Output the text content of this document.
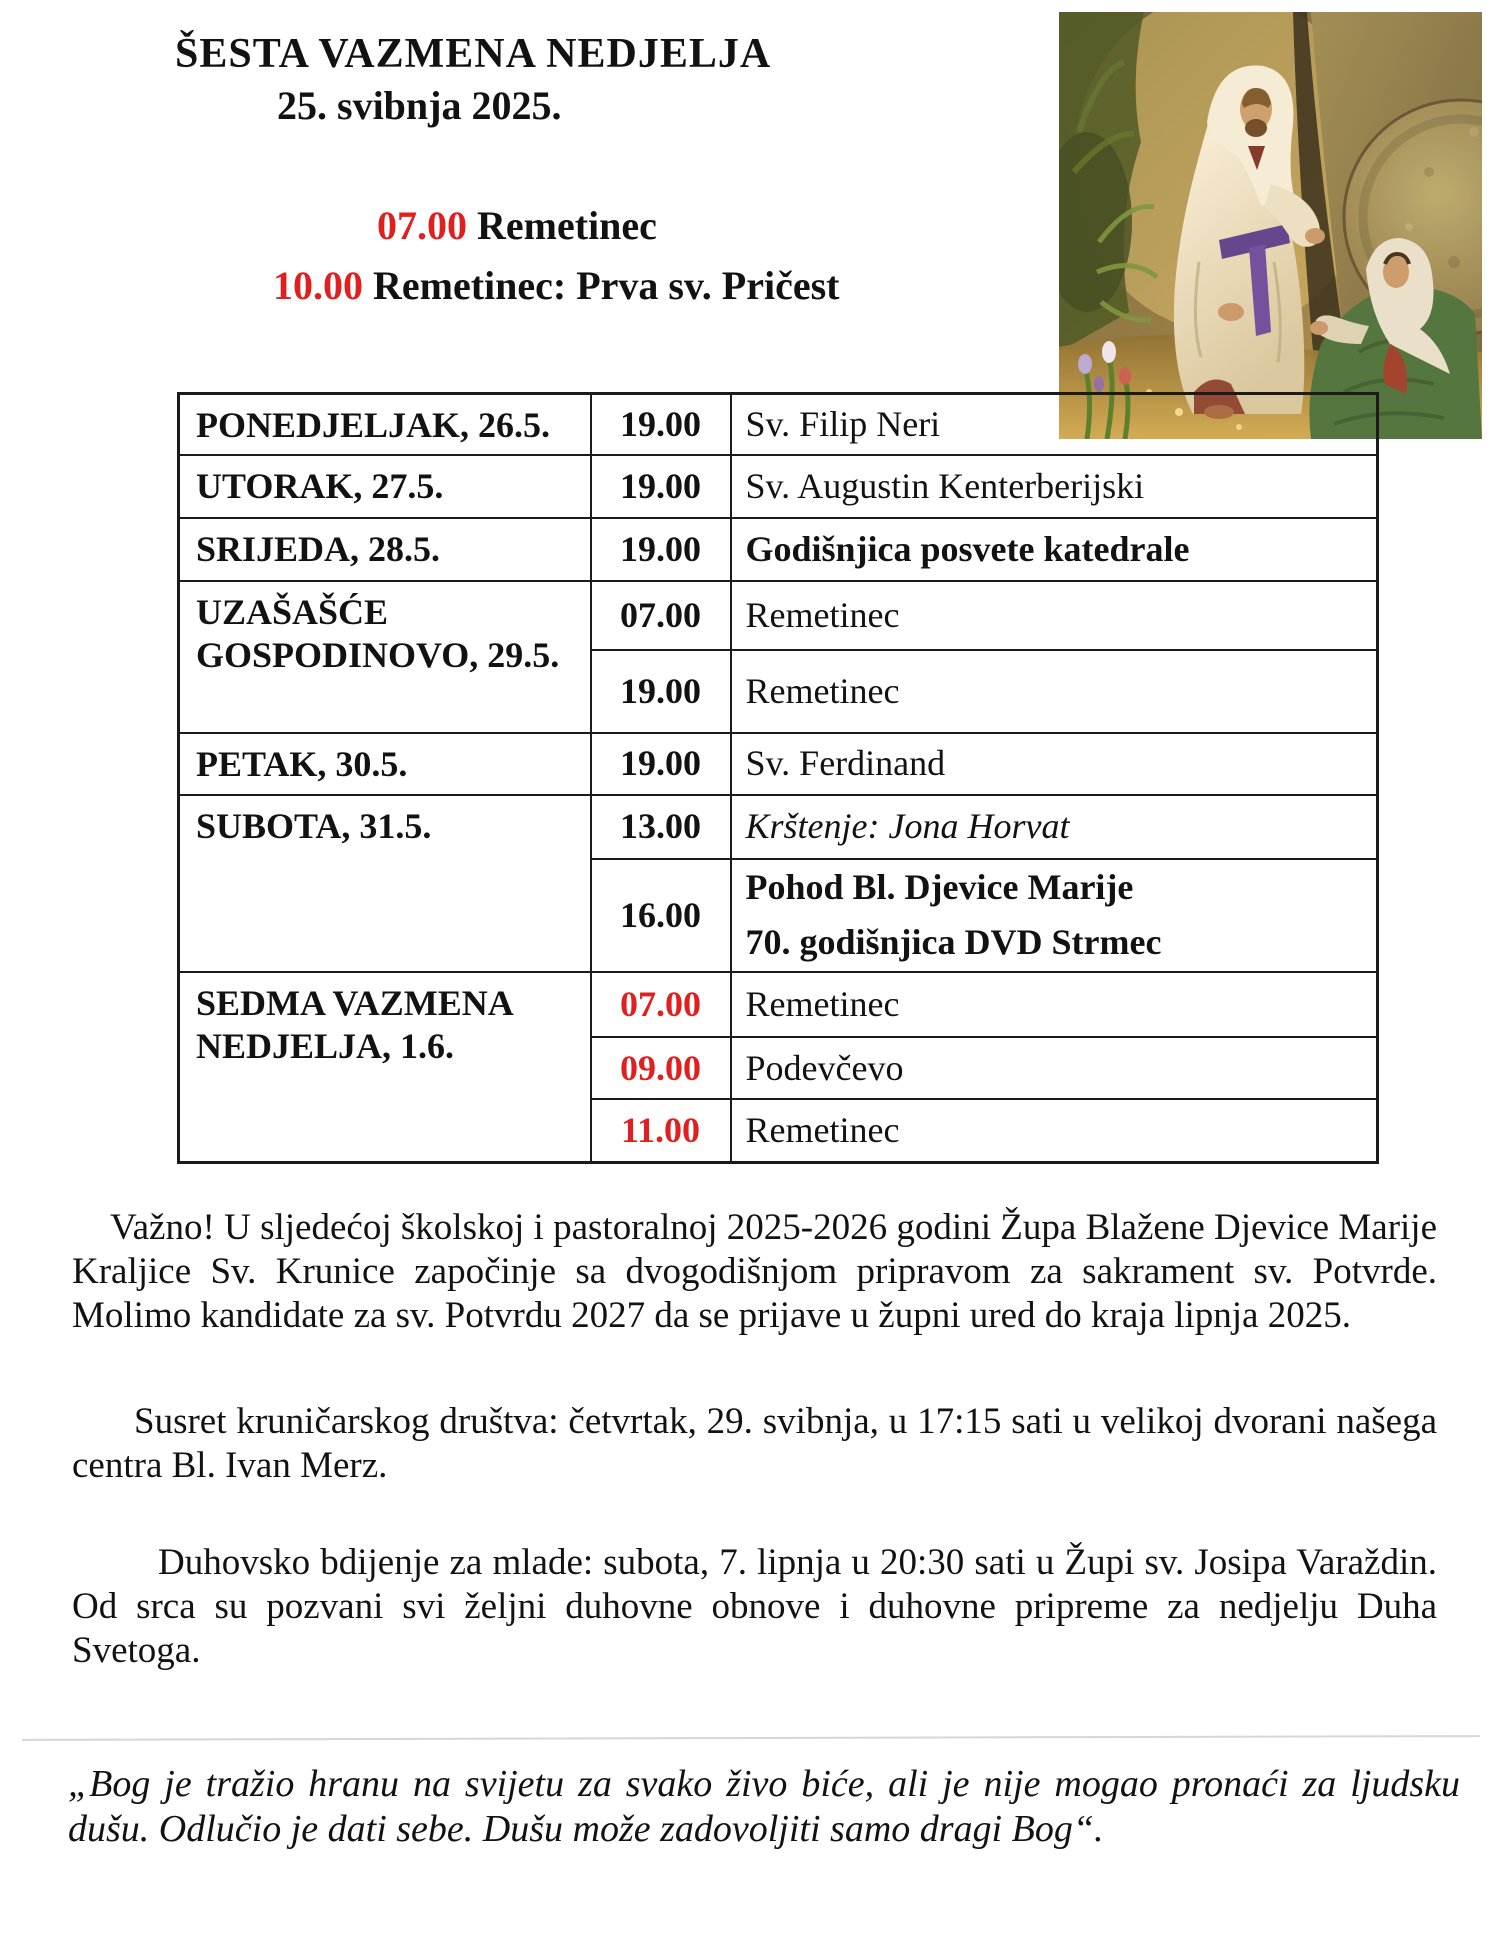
ŠESTA VAZMENA NEDJELJA
25. svibnja 2025.
07.00 Remetinec
10.00 Remetinec: Prva sv. Pričest
PONEDJELJAK, 26.5.	19.00	Sv. Filip Neri
UTORAK, 27.5.	19.00	Sv. Augustin Kenterberijski
SRIJEDA, 28.5.	19.00	Godišnjica posvete katedrale
UZAŠAŠĆE GOSPODINOVO, 29.5.	07.00	Remetinec
	19.00	Remetinec
PETAK, 30.5.	19.00	Sv. Ferdinand
SUBOTA, 31.5.	13.00	Krštenje: Jona Horvat
	16.00	Pohod Bl. Djevice Marije
70. godišnjica DVD Strmec

SEDMA VAZMENA NEDJELJA, 1.6.	07.00	Remetinec
	09.00	Podevčevo
	11.00	Remetinec
Važno! U sljedećoj školskoj i pastoralnoj 2025-2026 godini Župa Blažene Djevice Marije Kraljice Sv. Krunice započinje sa dvogodišnjom pripravom za sakrament sv. Potvrde. Molimo kandidate za sv. Potvrdu 2027 da se prijave u župni ured do kraja lipnja 2025.
Susret kruničarskog društva: četvrtak, 29. svibnja, u 17:15 sati u velikoj dvorani našega centra Bl. Ivan Merz.
Duhovsko bdijenje za mlade: subota, 7. lipnja u 20:30 sati u Župi sv. Josipa Varaždin. Od srca su pozvani svi željni duhovne obnove i duhovne pripreme za nedjelju Duha Svetoga.
„Bog je tražio hranu na svijetu za svako živo biće, ali je nije mogao pronaći za ljudsku dušu. Odlučio je dati sebe. Dušu može zadovoljiti samo dragi Bog“.
